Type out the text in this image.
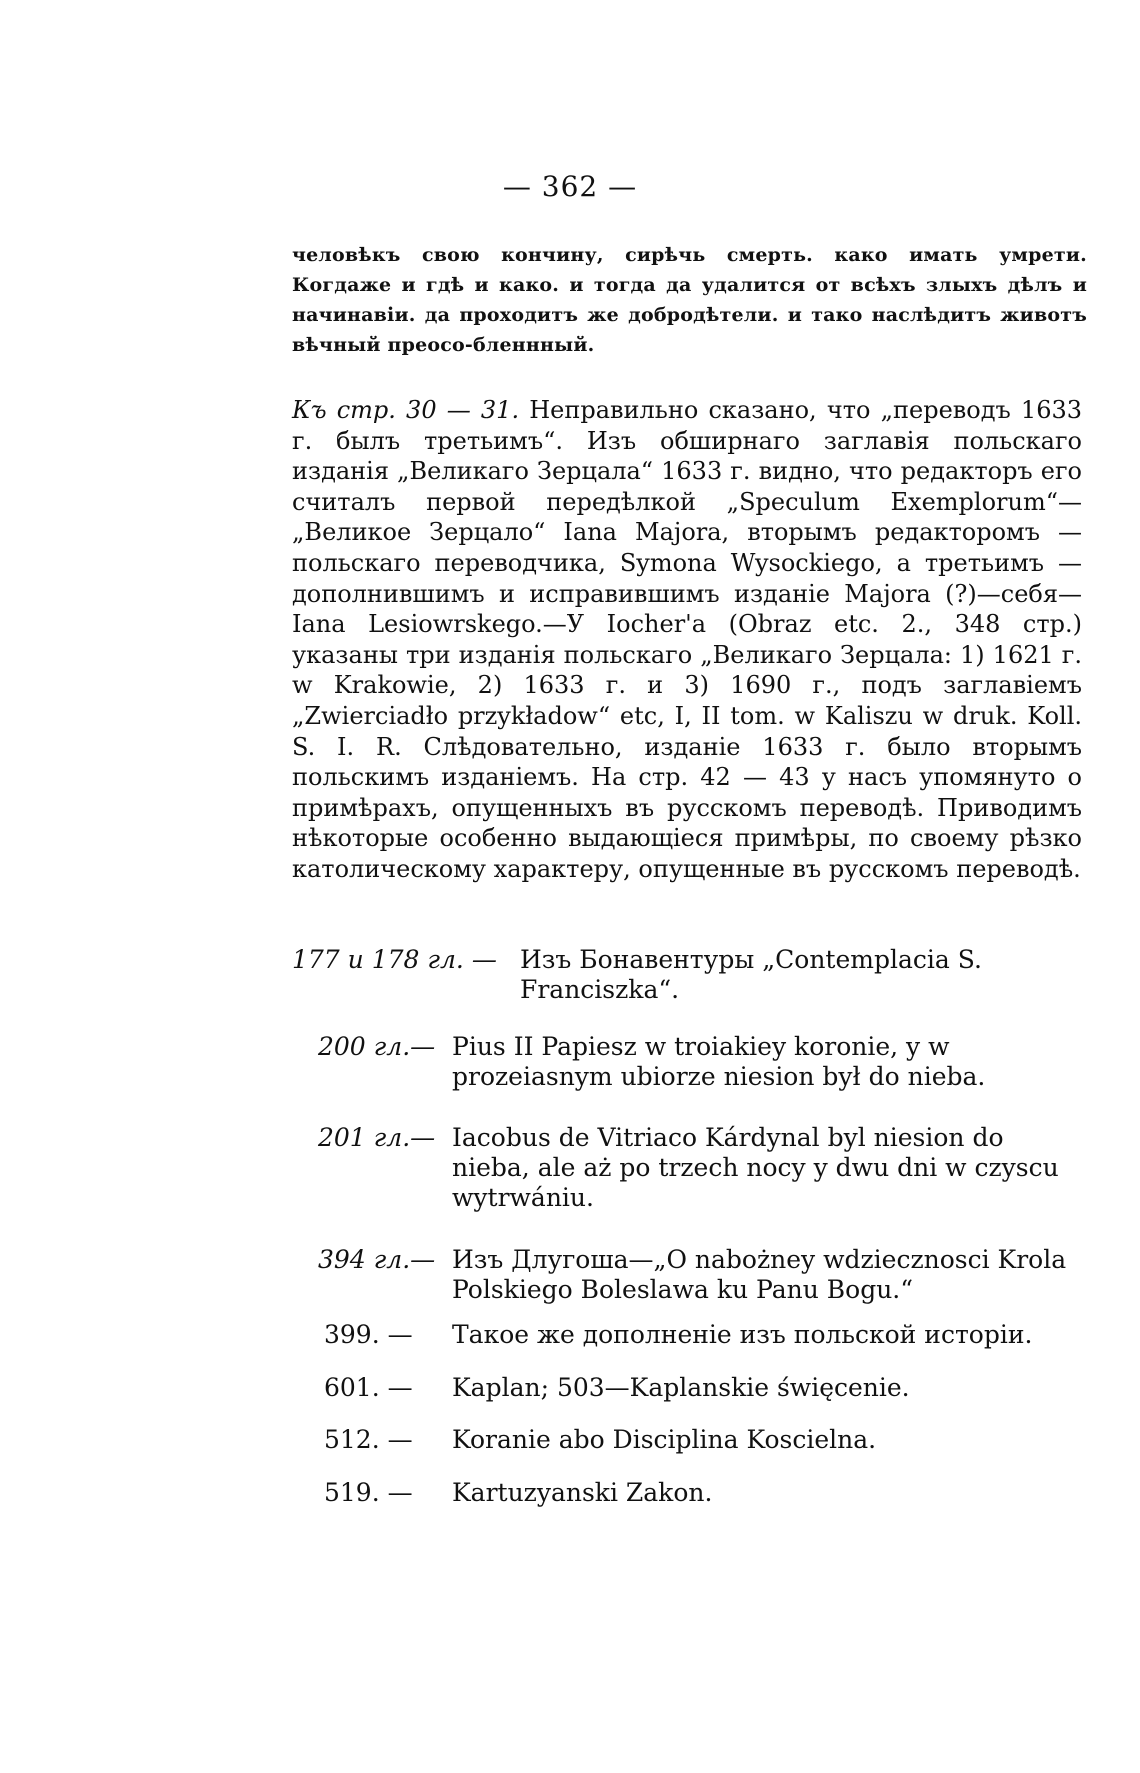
— 362 —
человѣкъ свою кончину, сирѣчь смерть. како имать умрети. Когдаже и гдѣ и како. и тогда да удалится от всѣхъ злыхъ дѣлъ и начинавiи. да проходитъ же добродѣтели. и тако наслѣдитъ животъ вѣчный преосо-бленнный.
Къ стр. 30 — 31. Неправильно сказано, что „переводъ 1633 г. былъ третьимъ“. Изъ обширнаго заглавiя польскаго изданiя „Великаго Зерцала“ 1633 г. видно, что редакторъ его считалъ первой передѣлкой „Speculum Exemplorum“— „Великое Зерцало“ Iana Majora, вторымъ редакторомъ — польскаго переводчика, Symona Wysockiego, а третьимъ — дополнившимъ и исправившимъ изданiе Majora (?)—себя— Iana Lesiowrskego.—У Iocher'a (Obraz etc. 2., 348 стр.) указаны три изданiя польскаго „Великаго Зерцала: 1) 1621 г. w Krakowie, 2) 1633 г. и 3) 1690 г., подъ заглавiемъ „Zwierciadło przykładow“ etc, I, II tom. w Kaliszu w druk. Koll. S. I. R. Слѣдовательно, изданiе 1633 г. было вторымъ польскимъ изданiемъ. На стр. 42 — 43 у насъ упомянуто о примѣрахъ, опущенныхъ въ русскомъ переводѣ. Приводимъ нѣкоторые особенно выдающiеся примѣры, по своему рѣзко католическому характеру, опущенные въ русскомъ переводѣ.
177 и 178 гл. — Изъ Бонавентуры „Contemplacia S. Franciszka“.
200 гл.— Pius II Papiesz w troiakiey koronie, y w prozeiasnym ubiorze niesion był do nieba.
201 гл.— Iacobus de Vitriaco Kárdynal byl niesion do nieba, ale aż po trzech nocy y dwu dni w czyscu wytrwániu.
394 гл.— Изъ Длугоша—„O nabożney wdziecznosci Krola Polskiego Boleslawa ku Panu Bogu.“
399. — Такое же дополненiе изъ польской исторiи.
601. — Kaplan; 503—Kaplanskie święcenie.
512. — Koranie abo Disciplina Koscielna.
519. — Kartuzyanski Zakon.
